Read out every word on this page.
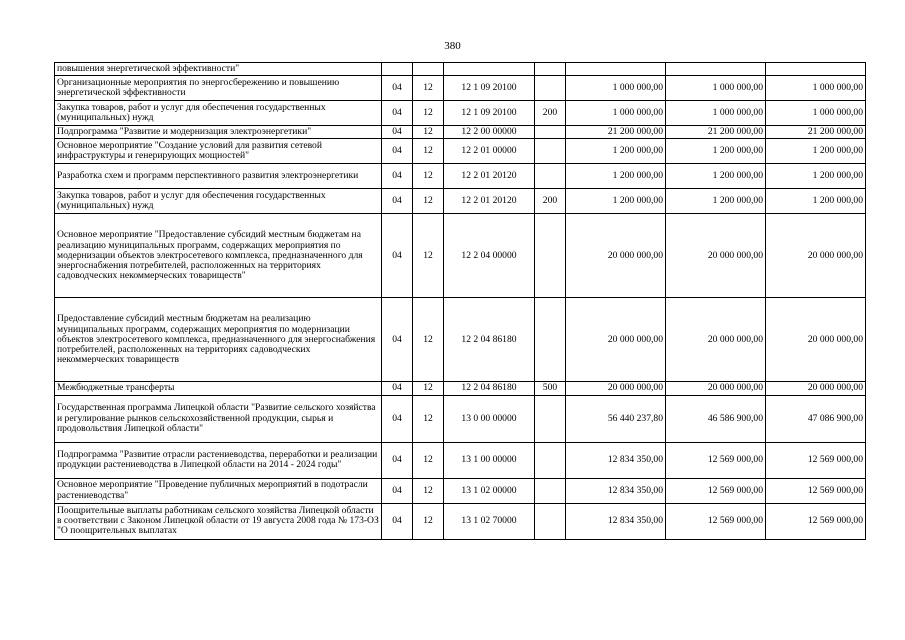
380
повышения энергетической эффективности"							
Организационные мероприятия по энергосбережению и повышению энергетической эффективности	04	12	12 1 09 20100		1 000 000,00	1 000 000,00	1 000 000,00
Закупка товаров, работ и услуг для обеспечения государственных (муниципальных) нужд	04	12	12 1 09 20100	200	1 000 000,00	1 000 000,00	1 000 000,00
Подпрограмма "Развитие и модернизация электроэнергетики"	04	12	12 2 00 00000		21 200 000,00	21 200 000,00	21 200 000,00
Основное мероприятие "Создание условий для развития сетевой инфраструктуры и генерирующих мощностей"	04	12	12 2 01 00000		1 200 000,00	1 200 000,00	1 200 000,00
Разработка схем и программ перспективного развития электроэнергетики	04	12	12 2 01 20120		1 200 000,00	1 200 000,00	1 200 000,00
Закупка товаров, работ и услуг для обеспечения государственных (муниципальных) нужд	04	12	12 2 01 20120	200	1 200 000,00	1 200 000,00	1 200 000,00
Основное мероприятие "Предоставление субсидий местным бюджетам на реализацию муниципальных программ, содержащих мероприятия по модернизации объектов электросетевого комплекса, предназначенного для энергоснабжения потребителей, расположенных на территориях садоводческих некоммерческих товариществ"	04	12	12 2 04 00000		20 000 000,00	20 000 000,00	20 000 000,00
Предоставление субсидий местным бюджетам на реализацию муниципальных программ, содержащих мероприятия по модернизации объектов электросетевого комплекса, предназначенного для энергоснабжения потребителей, расположенных на территориях садоводческих некоммерческих товариществ	04	12	12 2 04 86180		20 000 000,00	20 000 000,00	20 000 000,00
Межбюджетные трансферты	04	12	12 2 04 86180	500	20 000 000,00	20 000 000,00	20 000 000,00
Государственная программа Липецкой области "Развитие сельского хозяйства и регулирование рынков сельскохозяйственной продукции, сырья и продовольствия Липецкой области"	04	12	13 0 00 00000		56 440 237,80	46 586 900,00	47 086 900,00
Подпрограмма "Развитие отрасли растениеводства, переработки и реализации продукции растениеводства в Липецкой области на 2014 - 2024 годы"	04	12	13 1 00 00000		12 834 350,00	12 569 000,00	12 569 000,00
Основное мероприятие "Проведение публичных мероприятий в подотрасли растениеводства"	04	12	13 1 02 00000		12 834 350,00	12 569 000,00	12 569 000,00
Поощрительные выплаты работникам сельского хозяйства Липецкой области в соответствии с Законом Липецкой области от 19 августа 2008 года № 173-ОЗ "О поощрительных выплатах	04	12	13 1 02 70000		12 834 350,00	12 569 000,00	12 569 000,00
